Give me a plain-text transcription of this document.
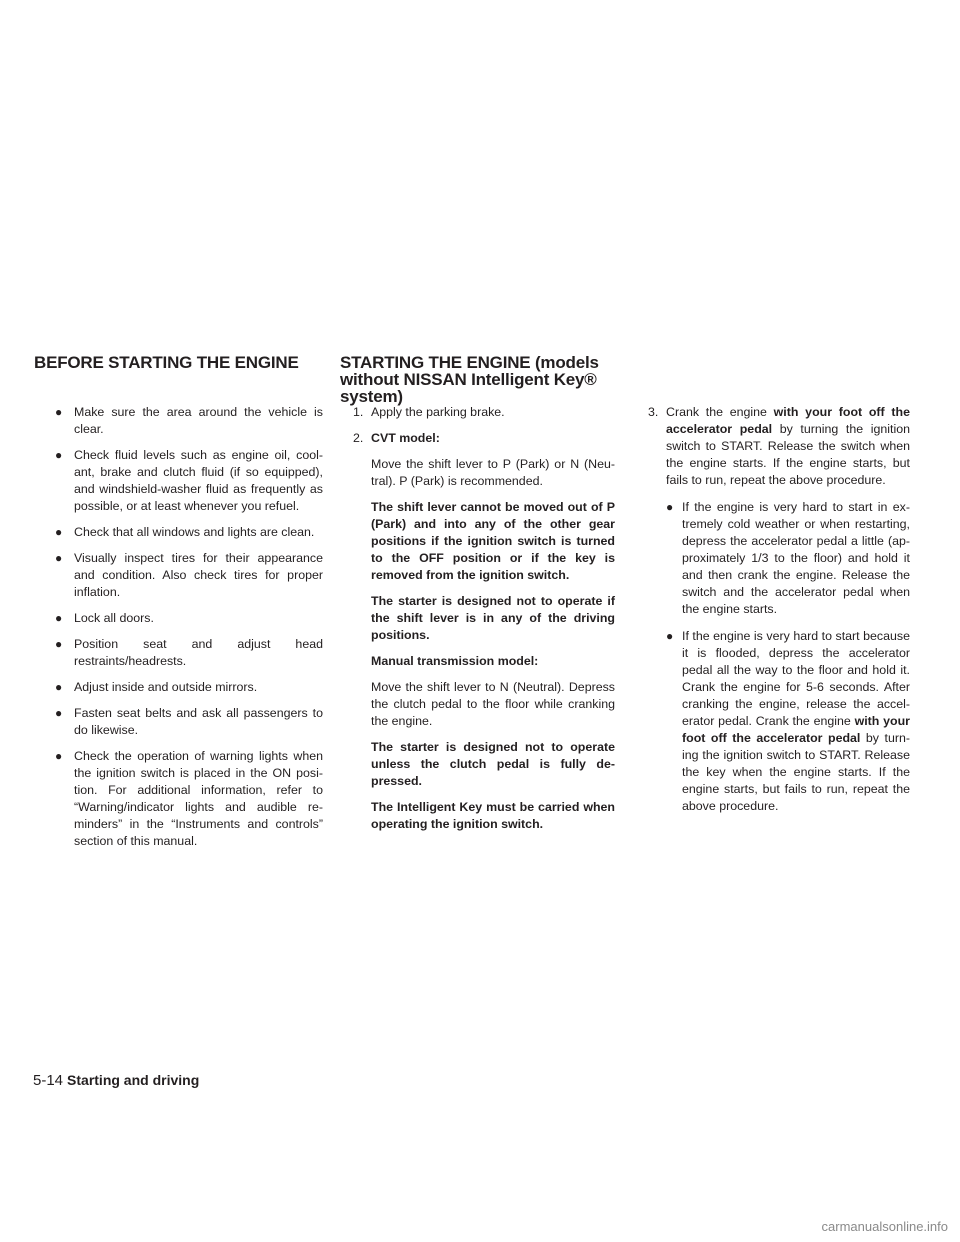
BEFORE STARTING THE ENGINE STARTING THE ENGINE (models without NISSAN Intelligent Key® system)
● Make sure the area around the vehicle is clear.
● Check fluid levels such as engine oil, cool-ant, brake and clutch fluid (if so equipped), and windshield-washer fluid as frequently as possible, or at least whenever you refuel.
● Check that all windows and lights are clean.
● Visually inspect tires for their appearance and condition. Also check tires for proper inflation.
● Lock all doors.
● Position seat and adjust head restraints/headrests.
● Adjust inside and outside mirrors.
● Fasten seat belts and ask all passengers to do likewise.
● Check the operation of warning lights when the ignition switch is placed in the ON posi-tion. For additional information, refer to “Warning/indicator lights and audible re-minders” in the “Instruments and controls” section of this manual.
1. Apply the parking brake.
2. CVT model:

Move the shift lever to P (Park) or N (Neu-tral). P (Park) is recommended.

The shift lever cannot be moved out of P (Park) and into any of the other gear positions if the ignition switch is turned to the OFF position or if the key is removed from the ignition switch.

The starter is designed not to operate if the shift lever is in any of the driving positions.

Manual transmission model:

Move the shift lever to N (Neutral). Depress the clutch pedal to the floor while cranking the engine.

The starter is designed not to operate unless the clutch pedal is fully de-pressed.

The Intelligent Key must be carried when operating the ignition switch.

3. Crank the engine with your foot off the accelerator pedal by turning the ignition switch to START. Release the switch when the engine starts. If the engine starts, but fails to run, repeat the above procedure.
● If the engine is very hard to start in ex-tremely cold weather or when restarting, depress the accelerator pedal a little (ap-proximately 1/3 to the floor) and hold it and then crank the engine. Release the switch and the accelerator pedal when the engine starts.
● If the engine is very hard to start because it is flooded, depress the accelerator pedal all the way to the floor and hold it. Crank the engine for 5-6 seconds. After cranking the engine, release the accel-erator pedal. Crank the engine with your foot off the accelerator pedal by turn-ing the ignition switch to START. Release the key when the engine starts. If the engine starts, but fails to run, repeat the above procedure.
5-14 Starting and driving
carmanualsonline.info
